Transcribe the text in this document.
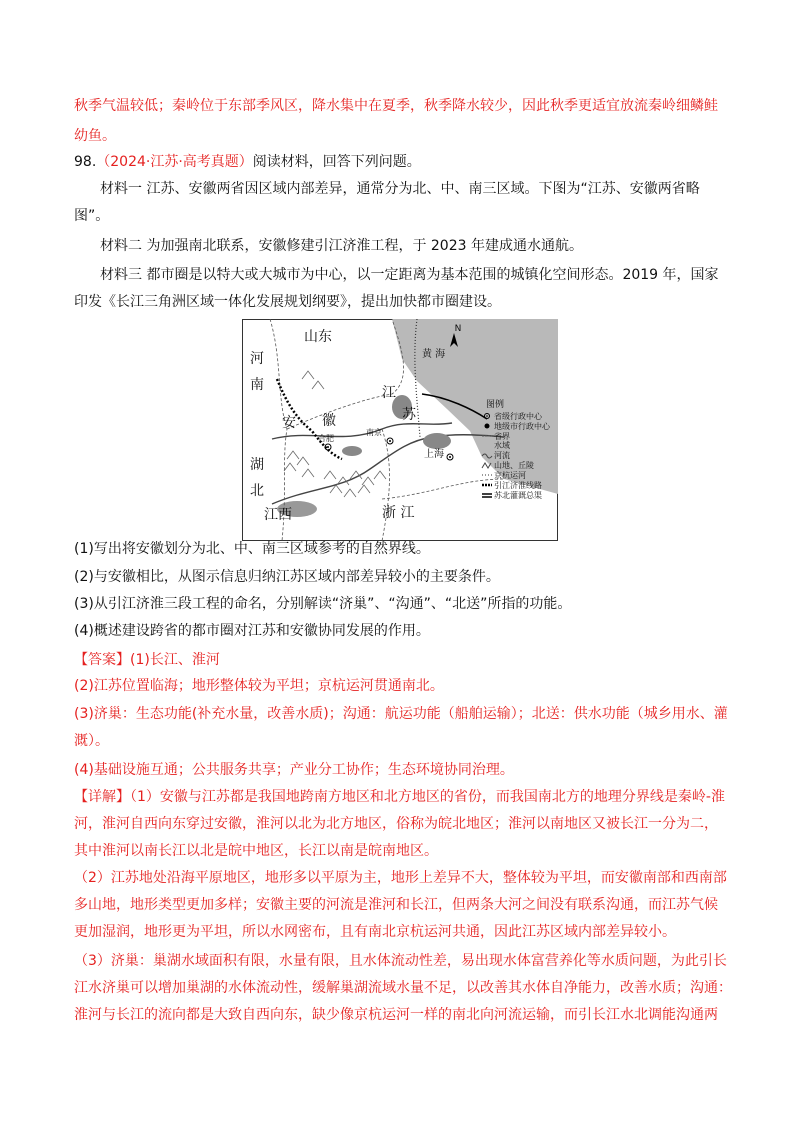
秋季气温较低；秦岭位于东部季风区，降水集中在夏季，秋季降水较少，因此秋季更适宜放流秦岭细鳞鲑
幼鱼。
98.（2024·江苏·高考真题）阅读材料，回答下列问题。
材料一 江苏、安徽两省因区域内部差异，通常分为北、中、南三区域。下图为“江苏、安徽两省略
图”。
材料二 为加强南北联系，安徽修建引江济淮工程，于 2023 年建成通水通航。
材料三 都市圈是以特大或大城市为中心，以一定距离为基本范围的城镇化空间形态。2019 年，国家
印发《长江三角洲区域一体化发展规划纲要》，提出加快都市圈建设。
N
山东
河
南
湖
北
江西	浙 江
安 徽
江
苏
黄 海
合肥
南京
上海
图例
省级行政中心
地级市行政中心
省界
水域
河流
山地、丘陵
京杭运河
引江济淮线路
苏北灌溉总渠
(1)写出将安徽划分为北、中、南三区域参考的自然界线。
(2)与安徽相比，从图示信息归纳江苏区域内部差异较小的主要条件。
(3)从引江济淮三段工程的命名，分别解读“济巢”、“沟通”、“北送”所指的功能。
(4)概述建设跨省的都市圈对江苏和安徽协同发展的作用。
【答案】(1)长江、淮河
(2)江苏位置临海；地形整体较为平坦；京杭运河贯通南北。
(3)济巢：生态功能(补充水量，改善水质)；沟通：航运功能（船舶运输）；北送：供水功能（城乡用水、灌
溉）。
(4)基础设施互通；公共服务共享；产业分工协作；生态环境协同治理。
【详解】（1）安徽与江苏都是我国地跨南方地区和北方地区的省份，而我国南北方的地理分界线是秦岭-淮
河，淮河自西向东穿过安徽，淮河以北为北方地区，俗称为皖北地区；淮河以南地区又被长江一分为二，
其中淮河以南长江以北是皖中地区，长江以南是皖南地区。
（2）江苏地处沿海平原地区，地形多以平原为主，地形上差异不大，整体较为平坦，而安徽南部和西南部
多山地，地形类型更加多样；安徽主要的河流是淮河和长江，但两条大河之间没有联系沟通，而江苏气候
更加湿润，地形更为平坦，所以水网密布，且有南北京杭运河共通，因此江苏区域内部差异较小。
（3）济巢：巢湖水域面积有限，水量有限，且水体流动性差，易出现水体富营养化等水质问题，为此引长
江水济巢可以增加巢湖的水体流动性，缓解巢湖流域水量不足，以改善其水体自净能力，改善水质；沟通：
淮河与长江的流向都是大致自西向东，缺少像京杭运河一样的南北向河流运输，而引长江水北调能沟通两
